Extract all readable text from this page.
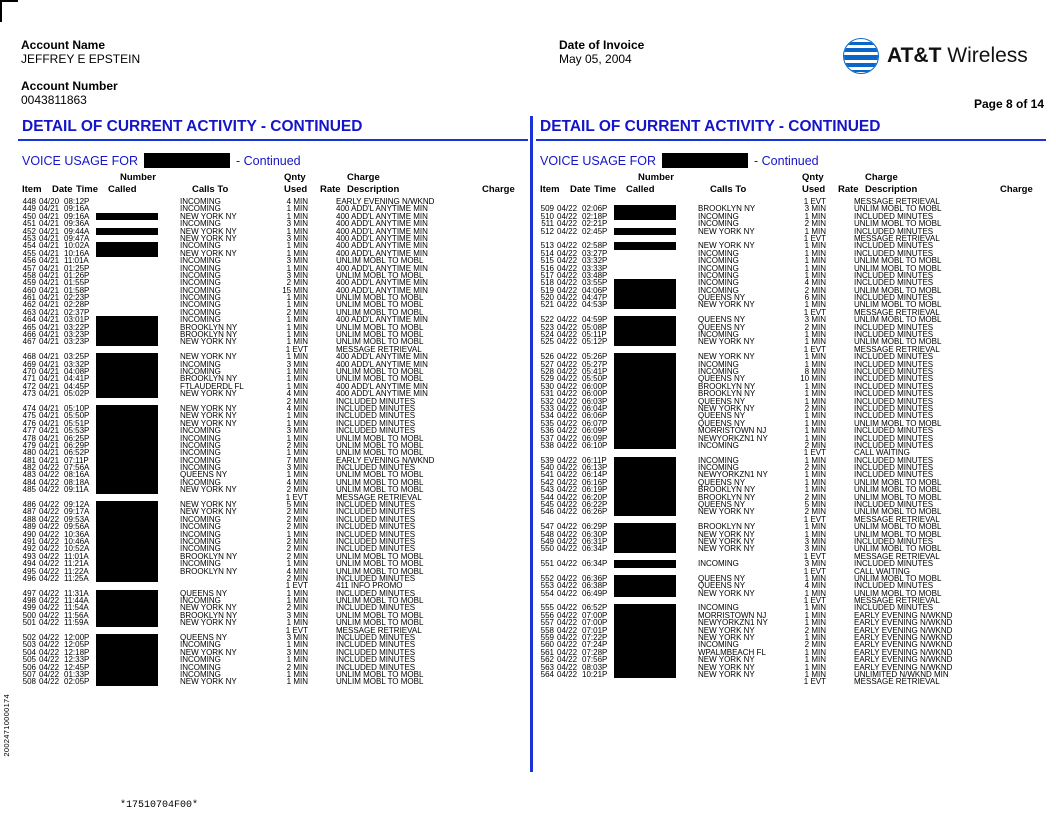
Account Name
JEFFREY E EPSTEIN
Account Number
0043811863
Date of Invoice
May 05, 2004	AT&T Wireless
Page 8 of 14
DETAIL OF CURRENT ACTIVITY - CONTINUED	DETAIL OF CURRENT ACTIVITY - CONTINUED
VOICE USAGE FOR	- Continued	VOICE USAGE FOR	- Continued
Number	Qnty	Charge
Item Date Time Called	Calls To	Used Rate Description	Charge
448 04/20 08:12P	INCOMING	4 MIN	EARLY EVENING N/WKND
449 04/21 09:16A	INCOMING	1 MIN	400 ADD'L ANYTIME MIN
450 04/21 09:16A	NEW YORK NY	1 MIN	400 ADD'L ANYTIME MIN
451 04/21 09:36A	INCOMING	3 MIN	400 ADD'L ANYTIME MIN
452 04/21 09:44A	NEW YORK NY	1 MIN	400 ADD'L ANYTIME MIN
453 04/21 09:47A	NEW YORK NY	3 MIN	400 ADD'L ANYTIME MIN
454 04/21 10:02A	INCOMING	1 MIN	400 ADD'L ANYTIME MIN
455 04/21 10:16A	NEW YORK NY	1 MIN	400 ADD'L ANYTIME MIN
456 04/21 11:01A	INCOMING	3 MIN	UNLIM MOBL TO MOBL
457 04/21 01:25P	INCOMING	1 MIN	400 ADD'L ANYTIME MIN
458 04/21 01:26P	INCOMING	3 MIN	UNLIM MOBL TO MOBL
459 04/21 01:55P	INCOMING	2 MIN	400 ADD'L ANYTIME MIN
460 04/21 01:58P	INCOMING	15 MIN	400 ADD'L ANYTIME MIN
461 04/21 02:23P	INCOMING	1 MIN	UNLIM MOBL TO MOBL
462 04/21 02:28P	INCOMING	1 MIN	UNLIM MOBL TO MOBL
463 04/21 02:37P	INCOMING	2 MIN	UNLIM MOBL TO MOBL
464 04/21 03:01P	INCOMING	1 MIN	400 ADD'L ANYTIME MIN
465 04/21 03:22P	BROOKLYN NY	1 MIN	UNLIM MOBL TO MOBL
466 04/21 03:23P	BROOKLYN NY	1 MIN	UNLIM MOBL TO MOBL
467 04/21 03:23P	NEW YORK NY	1 MIN	UNLIM MOBL TO MOBL
1 EVT	MESSAGE RETRIEVAL
468 04/21 03:25P	NEW YORK NY	1 MIN	400 ADD'L ANYTIME MIN
469 04/21 03:32P	INCOMING	3 MIN	400 ADD'L ANYTIME MIN
470 04/21 04:08P	INCOMING	1 MIN	UNLIM MOBL TO MOBL
471 04/21 04:41P	BROOKLYN NY	1 MIN	UNLIM MOBL TO MOBL
472 04/21 04:45P	FTLAUDERDL FL	1 MIN	400 ADD'L ANYTIME MIN
473 04/21 05:02P	NEW YORK NY	4 MIN	400 ADD'L ANYTIME MIN
2 MIN	INCLUDED MINUTES
474 04/21 05:10P	NEW YORK NY	4 MIN	INCLUDED MINUTES
475 04/21 05:50P	NEW YORK NY	1 MIN	INCLUDED MINUTES
476 04/21 05:51P	NEW YORK NY	1 MIN	INCLUDED MINUTES
477 04/21 05:53P	INCOMING	3 MIN	INCLUDED MINUTES
478 04/21 06:25P	INCOMING	1 MIN	UNLIM MOBL TO MOBL
479 04/21 06:29P	INCOMING	2 MIN	UNLIM MOBL TO MOBL
480 04/21 06:52P	INCOMING	1 MIN	UNLIM MOBL TO MOBL
481 04/21 07:11P	INCOMING	7 MIN	EARLY EVENING N/WKND
482 04/22 07:56A	INCOMING	3 MIN	INCLUDED MINUTES
483 04/22 08:16A	QUEENS NY	1 MIN	UNLIM MOBL TO MOBL
484 04/22 08:18A	INCOMING	4 MIN	UNLIM MOBL TO MOBL
485 04/22 09:11A	NEW YORK NY	2 MIN	UNLIM MOBL TO MOBL
1 EVT	MESSAGE RETRIEVAL
486 04/22 09:12A	NEW YORK NY	5 MIN	INCLUDED MINUTES
487 04/22 09:17A	NEW YORK NY	2 MIN	INCLUDED MINUTES
488 04/22 09:53A	INCOMING	2 MIN	INCLUDED MINUTES
489 04/22 09:56A	INCOMING	2 MIN	INCLUDED MINUTES
490 04/22 10:36A	INCOMING	1 MIN	INCLUDED MINUTES
491 04/22 10:46A	INCOMING	2 MIN	INCLUDED MINUTES
492 04/22 10:52A	INCOMING	2 MIN	INCLUDED MINUTES
493 04/22 11:01A	BROOKLYN NY	2 MIN	UNLIM MOBL TO MOBL
494 04/22 11:21A	INCOMING	1 MIN	UNLIM MOBL TO MOBL
495 04/22 11:22A	BROOKLYN NY	4 MIN	UNLIM MOBL TO MOBL
496 04/22 11:25A	2 MIN	INCLUDED MINUTES
1 EVT	411 INFO PROMO
497 04/22 11:31A	QUEENS NY	1 MIN	INCLUDED MINUTES
498 04/22 11:44A	INCOMING	1 MIN	UNLIM MOBL TO MOBL
499 04/22 11:54A	NEW YORK NY	2 MIN	INCLUDED MINUTES
500 04/22 11:56A	BROOKLYN NY	3 MIN	UNLIM MOBL TO MOBL
501 04/22 11:59A	NEW YORK NY	1 MIN	UNLIM MOBL TO MOBL
1 EVT	MESSAGE RETRIEVAL
502 04/22 12:00P	QUEENS NY	3 MIN	INCLUDED MINUTES
503 04/22 12:05P	INCOMING	1 MIN	INCLUDED MINUTES
504 04/22 12:18P	NEW YORK NY	3 MIN	INCLUDED MINUTES
505 04/22 12:33P	INCOMING	1 MIN	INCLUDED MINUTES
506 04/22 12:45P	INCOMING	2 MIN	INCLUDED MINUTES
507 04/22 01:33P	INCOMING	1 MIN	UNLIM MOBL TO MOBL
508 04/22 02:05P	NEW YORK NY	1 MIN	UNLIM MOBL TO MOBL
Number	Qnty	Charge
Item Date Time Called	Calls To	Used Rate Description	Charge
1 EVT	MESSAGE RETRIEVAL
509 04/22 02:06P	BROOKLYN NY	3 MIN	UNLIM MOBL TO MOBL
510 04/22 02:18P	INCOMING	1 MIN	INCLUDED MINUTES
511 04/22 02:21P	INCOMING	2 MIN	UNLIM MOBL TO MOBL
512 04/22 02:45P	NEW YORK NY	1 MIN	INCLUDED MINUTES
1 EVT	MESSAGE RETRIEVAL
513 04/22 02:58P	NEW YORK NY	1 MIN	INCLUDED MINUTES
514 04/22 03:27P	INCOMING	1 MIN	INCLUDED MINUTES
515 04/22 03:32P	INCOMING	1 MIN	UNLIM MOBL TO MOBL
516 04/22 03:33P	INCOMING	1 MIN	UNLIM MOBL TO MOBL
517 04/22 03:48P	INCOMING	1 MIN	INCLUDED MINUTES
518 04/22 03:55P	INCOMING	4 MIN	INCLUDED MINUTES
519 04/22 04:06P	INCOMING	2 MIN	UNLIM MOBL TO MOBL
520 04/22 04:47P	QUEENS NY	6 MIN	INCLUDED MINUTES
521 04/22 04:53P	NEW YORK NY	1 MIN	UNLIM MOBL TO MOBL
1 EVT	MESSAGE RETRIEVAL
522 04/22 04:59P	QUEENS NY	3 MIN	UNLIM MOBL TO MOBL
523 04/22 05:08P	QUEENS NY	2 MIN	INCLUDED MINUTES
524 04/22 05:11P	INCOMING	1 MIN	INCLUDED MINUTES
525 04/22 05:12P	NEW YORK NY	1 MIN	UNLIM MOBL TO MOBL
1 EVT	MESSAGE RETRIEVAL
526 04/22 05:26P	NEW YORK NY	1 MIN	INCLUDED MINUTES
527 04/22 05:27P	INCOMING	1 MIN	INCLUDED MINUTES
528 04/22 05:41P	INCOMING	8 MIN	INCLUDED MINUTES
529 04/22 05:50P	QUEENS NY	10 MIN	INCLUDED MINUTES
530 04/22 06:00P	BROOKLYN NY	1 MIN	INCLUDED MINUTES
531 04/22 06:00P	BROOKLYN NY	1 MIN	INCLUDED MINUTES
532 04/22 06:03P	QUEENS NY	1 MIN	INCLUDED MINUTES
533 04/22 06:04P	NEW YORK NY	2 MIN	INCLUDED MINUTES
534 04/22 06:06P	QUEENS NY	1 MIN	INCLUDED MINUTES
535 04/22 06:07P	QUEENS NY	1 MIN	UNLIM MOBL TO MOBL
536 04/22 06:09P	MORRISTOWN NJ	1 MIN	INCLUDED MINUTES
537 04/22 06:09P	NEWYORKZN1 NY	1 MIN	INCLUDED MINUTES
538 04/22 06:10P	INCOMING	2 MIN	INCLUDED MINUTES
1 EVT	CALL WAITING
539 04/22 06:11P	INCOMING	1 MIN	INCLUDED MINUTES
540 04/22 06:13P	INCOMING	2 MIN	INCLUDED MINUTES
541 04/22 06:14P	NEWYORKZN1 NY	1 MIN	INCLUDED MINUTES
542 04/22 06:16P	QUEENS NY	1 MIN	UNLIM MOBL TO MOBL
543 04/22 06:19P	BROOKLYN NY	1 MIN	UNLIM MOBL TO MOBL
544 04/22 06:20P	BROOKLYN NY	2 MIN	UNLIM MOBL TO MOBL
545 04/22 06:22P	QUEENS NY	5 MIN	INCLUDED MINUTES
546 04/22 06:26P	NEW YORK NY	2 MIN	UNLIM MOBL TO MOBL
1 EVT	MESSAGE RETRIEVAL
547 04/22 06:29P	BROOKLYN NY	1 MIN	UNLIM MOBL TO MOBL
548 04/22 06:30P	NEW YORK NY	1 MIN	UNLIM MOBL TO MOBL
549 04/22 06:31P	NEW YORK NY	3 MIN	INCLUDED MINUTES
550 04/22 06:34P	NEW YORK NY	3 MIN	UNLIM MOBL TO MOBL
1 EVT	MESSAGE RETRIEVAL
551 04/22 06:34P	INCOMING	3 MIN	INCLUDED MINUTES
1 EVT	CALL WAITING
552 04/22 06:36P	QUEENS NY	1 MIN	UNLIM MOBL TO MOBL
553 04/22 06:38P	QUEENS NY	4 MIN	INCLUDED MINUTES
554 04/22 06:49P	NEW YORK NY	1 MIN	UNLIM MOBL TO MOBL
1 EVT	MESSAGE RETRIEVAL
555 04/22 06:52P	INCOMING	1 MIN	INCLUDED MINUTES
556 04/22 07:00P	MORRISTOWN NJ	1 MIN	EARLY EVENING N/WKND
557 04/22 07:00P	NEWYORKZN1 NY	1 MIN	EARLY EVENING N/WKND
558 04/22 07:01P	NEW YORK NY	2 MIN	EARLY EVENING N/WKND
559 04/22 07:22P	NEW YORK NY	1 MIN	EARLY EVENING N/WKND
560 04/22 07:24P	INCOMING	2 MIN	EARLY EVENING N/WKND
561 04/22 07:28P	WPALMBEACH FL	1 MIN	EARLY EVENING N/WKND
562 04/22 07:56P	NEW YORK NY	1 MIN	EARLY EVENING N/WKND
563 04/22 08:03P	NEW YORK NY	1 MIN	EARLY EVENING N/WKND
564 04/22 10:21P	NEW YORK NY	1 MIN	UNLIMITED N/WKND MIN
1 EVT	MESSAGE RETRIEVAL
20024710000174
*17510704F00*
